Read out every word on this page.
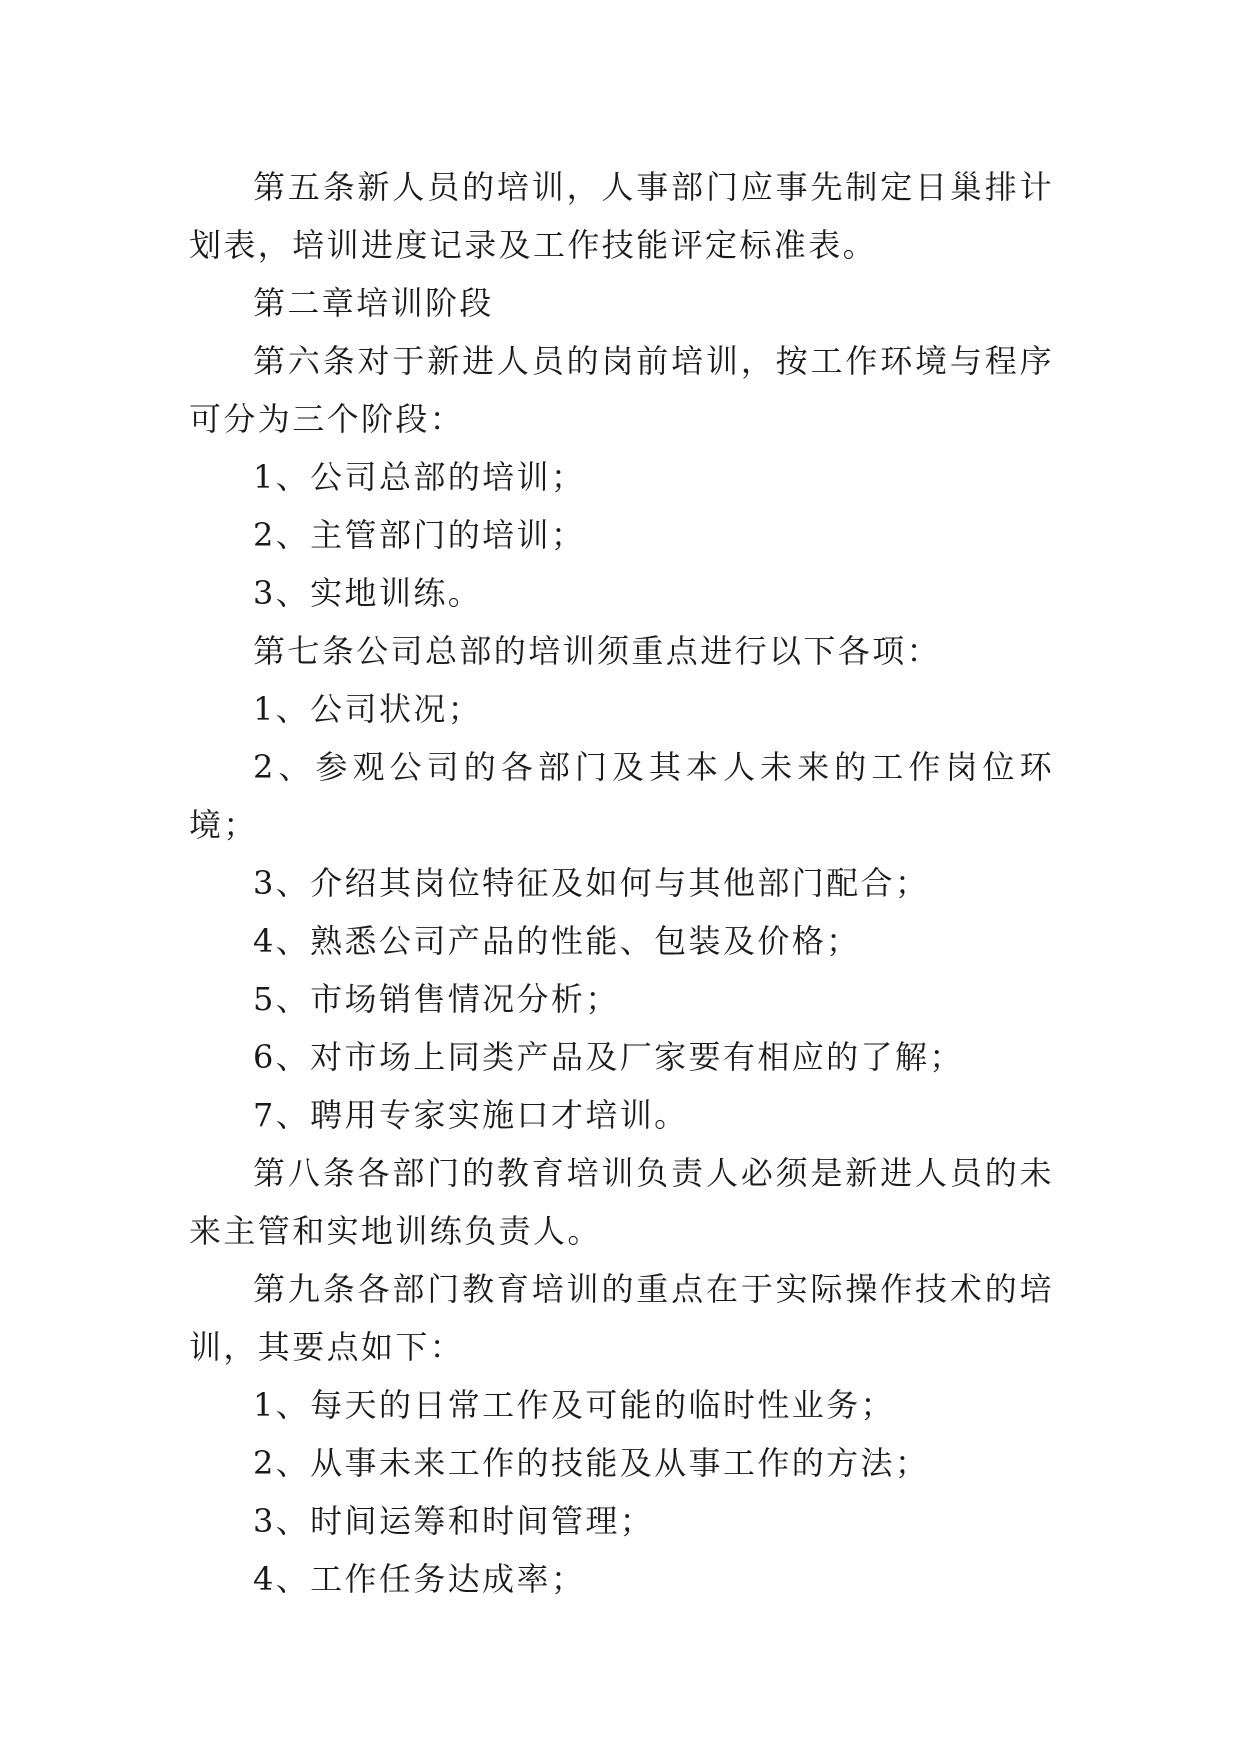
第五条新人员的培训，人事部门应事先制定日巢排计划表，培训进度记录及工作技能评定标准表。

第二章培训阶段

第六条对于新进人员的岗前培训，按工作环境与程序可分为三个阶段：

1、公司总部的培训；

2、主管部门的培训；

3、实地训练。

第七条公司总部的培训须重点进行以下各项：

1、公司状况；

2、参观公司的各部门及其本人未来的工作岗位环境；

3、介绍其岗位特征及如何与其他部门配合；

4、熟悉公司产品的性能、包装及价格；

5、市场销售情况分析；

6、对市场上同类产品及厂家要有相应的了解；

7、聘用专家实施口才培训。

第八条各部门的教育培训负责人必须是新进人员的未来主管和实地训练负责人。

第九条各部门教育培训的重点在于实际操作技术的培训，其要点如下：

1、每天的日常工作及可能的临时性业务；

2、从事未来工作的技能及从事工作的方法；

3、时间运筹和时间管理；

4、工作任务达成率；
